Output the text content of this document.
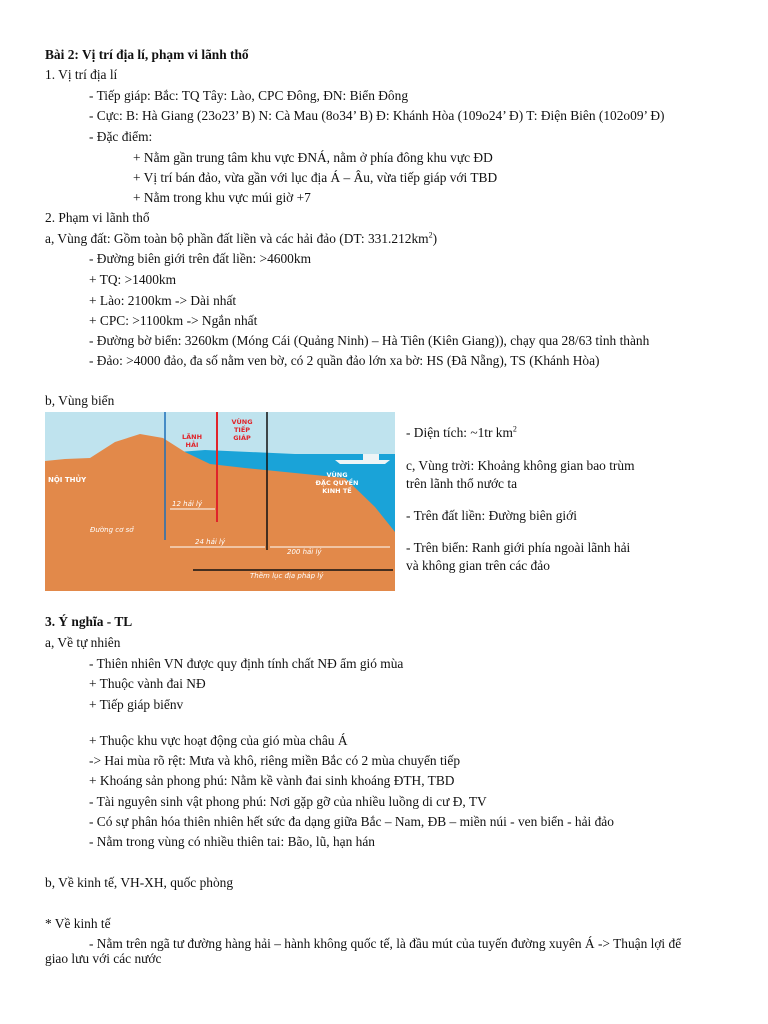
Bài 2: Vị trí địa lí, phạm vi lãnh thổ
1. Vị trí địa lí
- Tiếp giáp: Bắc: TQ Tây: Lào, CPC Đông, ĐN: Biển Đông
- Cực: B: Hà Giang (23o23’ B) N: Cà Mau (8o34’ B) Đ: Khánh Hòa (109o24’ Đ) T: Điện Biên (102o09’ Đ)
- Đặc điểm:
+ Nằm gần trung tâm khu vực ĐNÁ, nằm ở phía đông khu vực ĐD
+ Vị trí bán đảo, vừa gần với lục địa Á – Âu, vừa tiếp giáp với TBD
+ Nằm trong khu vực múi giờ +7
2. Phạm vi lãnh thổ
a, Vùng đất: Gồm toàn bộ phần đất liền và các hải đảo (DT: $331.212km^2$)
- Đường biên giới trên đất liền: >4600km
+ TQ: >1400km
+ Lào: 2100km -> Dài nhất
+ CPC: >1100km -> Ngắn nhất
- Đường bờ biển: 3260km (Móng Cái (Quảng Ninh) – Hà Tiên (Kiên Giang)), chạy qua 28/63 tỉnh thành
- Đảo: >4000 đảo, đa số nằm ven bờ, có 2 quần đảo lớn xa bờ: HS (Đã Nẵng), TS (Khánh Hòa)
b, Vùng biển
NỘI THỦY
LÃNH
HẢI
VÙNG
TIẾP
GIÁP
VÙNG
ĐẶC QUYỀN
KINH TẾ
12 hải lý
24 hải lý
200 hải lý
Đường cơ sở
Thềm lục địa pháp lý
- Diện tích: ~1tr $km^2$
c, Vùng trời: Khoảng không gian bao trùm trên lãnh thổ nước ta
- Trên đất liền: Đường biên giới
- Trên biển: Ranh giới phía ngoài lãnh hải và không gian trên các đảo
3. Ý nghĩa - TL
a, Về tự nhiên
- Thiên nhiên VN được quy định tính chất NĐ ẩm gió mùa
+ Thuộc vành đai NĐ
+ Tiếp giáp biểnv
+ Thuộc khu vực hoạt động của gió mùa châu Á
-> Hai mùa rõ rệt: Mưa và khô, riêng miền Bắc có 2 mùa chuyển tiếp
+ Khoáng sản phong phú: Nằm kề vành đai sinh khoáng ĐTH, TBD
- Tài nguyên sinh vật phong phú: Nơi gặp gỡ của nhiều luồng di cư Đ, TV
- Có sự phân hóa thiên nhiên hết sức đa dạng giữa Bắc – Nam, ĐB – miền núi - ven biển - hải đảo
- Nằm trong vùng có nhiều thiên tai: Bão, lũ, hạn hán
b, Về kinh tế, VH-XH, quốc phòng
* Về kinh tế
- Nằm trên ngã tư đường hàng hải – hành không quốc tế, là đầu mút của tuyến đường xuyên Á -> Thuận lợi để
giao lưu với các nước
